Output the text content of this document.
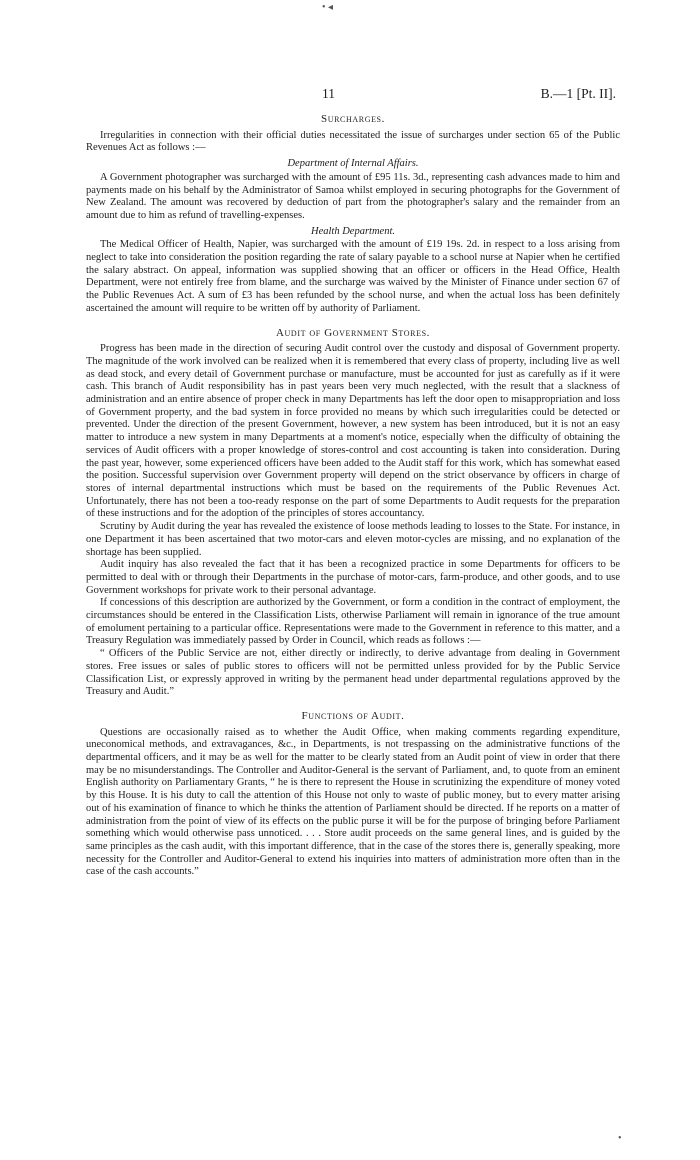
• ◂
•
11	B.—1 [Pt. II].
Surcharges.

Irregularities in connection with their official duties necessitated the issue of surcharges under section 65 of the Public Revenues Act as follows :—

Department of Internal Affairs.

A Government photographer was surcharged with the amount of £95 11s. 3d., representing cash advances made to him and payments made on his behalf by the Administrator of Samoa whilst employed in securing photographs for the Government of New Zealand. The amount was recovered by deduction of part from the photographer's salary and the remainder from an amount due to him as refund of travelling-expenses.

Health Department.

The Medical Officer of Health, Napier, was surcharged with the amount of £19 19s. 2d. in respect to a loss arising from neglect to take into consideration the position regarding the rate of salary payable to a school nurse at Napier when he certified the salary abstract. On appeal, information was supplied showing that an officer or officers in the Head Office, Health Department, were not entirely free from blame, and the surcharge was waived by the Minister of Finance under section 67 of the Public Revenues Act. A sum of £3 has been refunded by the school nurse, and when the actual loss has been definitely ascertained the amount will require to be written off by authority of Parliament.

Audit of Government Stores.

Progress has been made in the direction of securing Audit control over the custody and disposal of Government property. The magnitude of the work involved can be realized when it is remembered that every class of property, including live as well as dead stock, and every detail of Government purchase or manufacture, must be accounted for just as carefully as if it were cash. This branch of Audit responsibility has in past years been very much neglected, with the result that a slackness of administration and an entire absence of proper check in many Departments has left the door open to misappropriation and loss of Government property, and the bad system in force provided no means by which such irregularities could be detected or prevented. Under the direction of the present Government, however, a new system has been introduced, but it is not an easy matter to introduce a new system in many Departments at a moment's notice, especially when the difficulty of obtaining the services of Audit officers with a proper knowledge of stores-control and cost accounting is taken into consideration. During the past year, however, some experienced officers have been added to the Audit staff for this work, which has somewhat eased the position. Successful supervision over Government property will depend on the strict observance by officers in charge of stores of internal departmental instructions which must be based on the requirements of the Public Revenues Act. Unfortunately, there has not been a too-ready response on the part of some Departments to Audit requests for the preparation of these instructions and for the adoption of the principles of stores accountancy.

Scrutiny by Audit during the year has revealed the existence of loose methods leading to losses to the State. For instance, in one Department it has been ascertained that two motor-cars and eleven motor-cycles are missing, and no explanation of the shortage has been supplied.

Audit inquiry has also revealed the fact that it has been a recognized practice in some Departments for officers to be permitted to deal with or through their Departments in the purchase of motor-cars, farm-produce, and other goods, and to use Government workshops for private work to their personal advantage.

If concessions of this description are authorized by the Government, or form a condition in the contract of employment, the circumstances should be entered in the Classification Lists, otherwise Parliament will remain in ignorance of the true amount of emolument pertaining to a particular office. Representations were made to the Government in reference to this matter, and a Treasury Regulation was immediately passed by Order in Council, which reads as follows :—

“ Officers of the Public Service are not, either directly or indirectly, to derive advantage from dealing in Government stores. Free issues or sales of public stores to officers will not be permitted unless provided for by the Public Service Classification List, or expressly approved in writing by the permanent head under departmental regulations approved by the Treasury and Audit.”

Functions of Audit.

Questions are occasionally raised as to whether the Audit Office, when making comments regarding expenditure, uneconomical methods, and extravagances, &c., in Departments, is not trespassing on the administrative functions of the departmental officers, and it may be as well for the matter to be clearly stated from an Audit point of view in order that there may be no misunderstandings. The Controller and Auditor-General is the servant of Parliament, and, to quote from an eminent English authority on Parliamentary Grants, “ he is there to represent the House in scrutinizing the expenditure of money voted by this House. It is his duty to call the attention of this House not only to waste of public money, but to every matter arising out of his examination of finance to which he thinks the attention of Parliament should be directed. If he reports on a matter of administration from the point of view of its effects on the public purse it will be for the purpose of bringing before Parliament something which would otherwise pass unnoticed. . . . Store audit proceeds on the same general lines, and is guided by the same principles as the cash audit, with this important difference, that in the case of the stores there is, generally speaking, more necessity for the Controller and Auditor-General to extend his inquiries into matters of administration more often than in the case of the cash accounts.”
